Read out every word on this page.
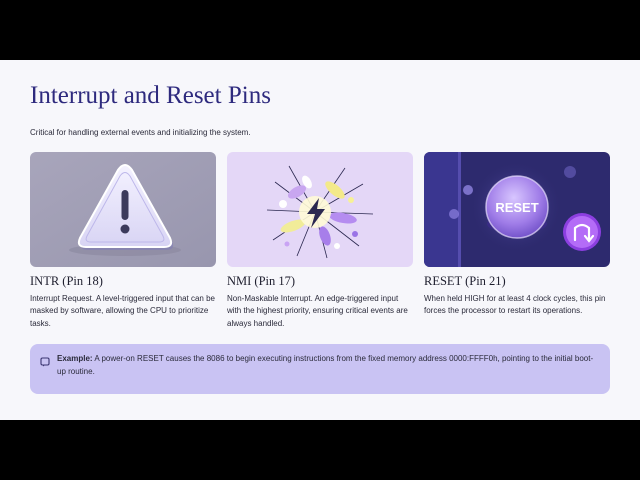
Interrupt and Reset Pins
Critical for handling external events and initializing the system.
INTR (Pin 18)
Interrupt Request. A level-triggered input that can be masked by software, allowing the CPU to prioritize tasks.
NMI (Pin 17)
Non-Maskable Interrupt. An edge-triggered input with the highest priority, ensuring critical events are always handled.
RESET
RESET (Pin 21)
When held HIGH for at least 4 clock cycles, this pin forces the processor to restart its operations.
Example: A power-on RESET causes the 8086 to begin executing instructions from the fixed memory address 0000:FFFF0h, pointing to the initial boot-up routine.
